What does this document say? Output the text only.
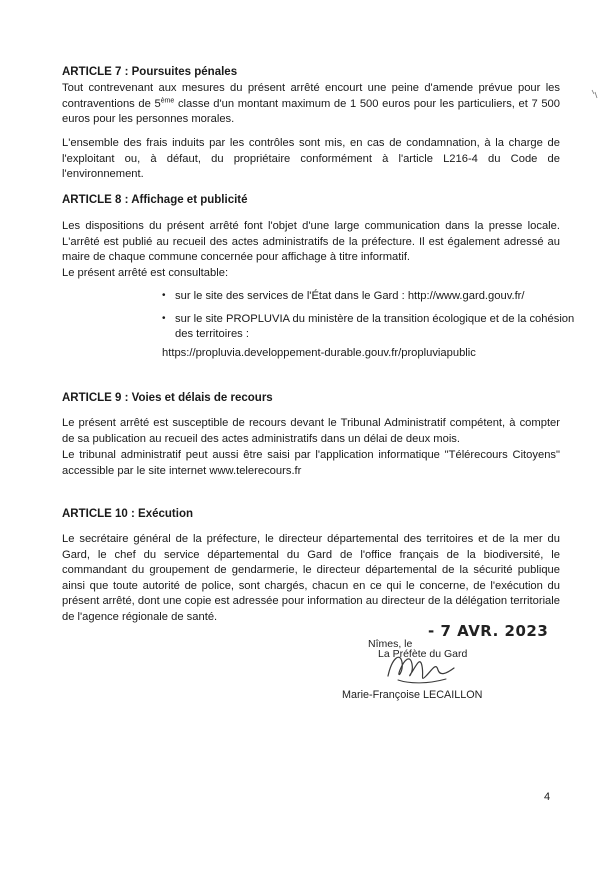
ARTICLE 7 : Poursuites pénales

Tout contrevenant aux mesures du présent arrêté encourt une peine d'amende prévue pour les contraventions de 5ème classe d'un montant maximum de 1 500 euros pour les particuliers, et 7 500 euros pour les personnes morales.

L'ensemble des frais induits par les contrôles sont mis, en cas de condamnation, à la charge de l'exploitant ou, à défaut, du propriétaire conformément à l'article L216-4 du Code de l'environnement.

ARTICLE 8 : Affichage et publicité

Les dispositions du présent arrêté font l'objet d'une large communication dans la presse locale. L'arrêté est publié au recueil des actes administratifs de la préfecture. Il est également adressé au maire de chaque commune concernée pour affichage à titre informatif.

Le présent arrêté est consultable:

• sur le site des services de l'État dans le Gard : http://www.gard.gouv.fr/
• sur le site PROPLUVIA du ministère de la transition écologique et de la cohésion
des territoires :
https://propluvia.developpement-durable.gouv.fr/propluviapublic
ARTICLE 9 : Voies et délais de recours

Le présent arrêté est susceptible de recours devant le Tribunal Administratif compétent, à compter de sa publication au recueil des actes administratifs dans un délai de deux mois.

Le tribunal administratif peut aussi être saisi par l'application informatique "Télérecours Citoyens" accessible par le site internet www.telerecours.fr

ARTICLE 10 : Exécution

Le secrétaire général de la préfecture, le directeur départemental des territoires et de la mer du Gard, le chef du service départemental du Gard de l'office français de la biodiversité, le commandant du groupement de gendarmerie, le directeur départemental de la sécurité publique ainsi que toute autorité de police, sont chargés, chacun en ce qui le concerne, de l'exécution du présent arrêté, dont une copie est adressée pour information au directeur de la délégation territoriale de l'agence régionale de santé.

- 7 AVR. 2023
Nîmes, le
La Préfète du Gard
Marie-Françoise LECAILLON
4
